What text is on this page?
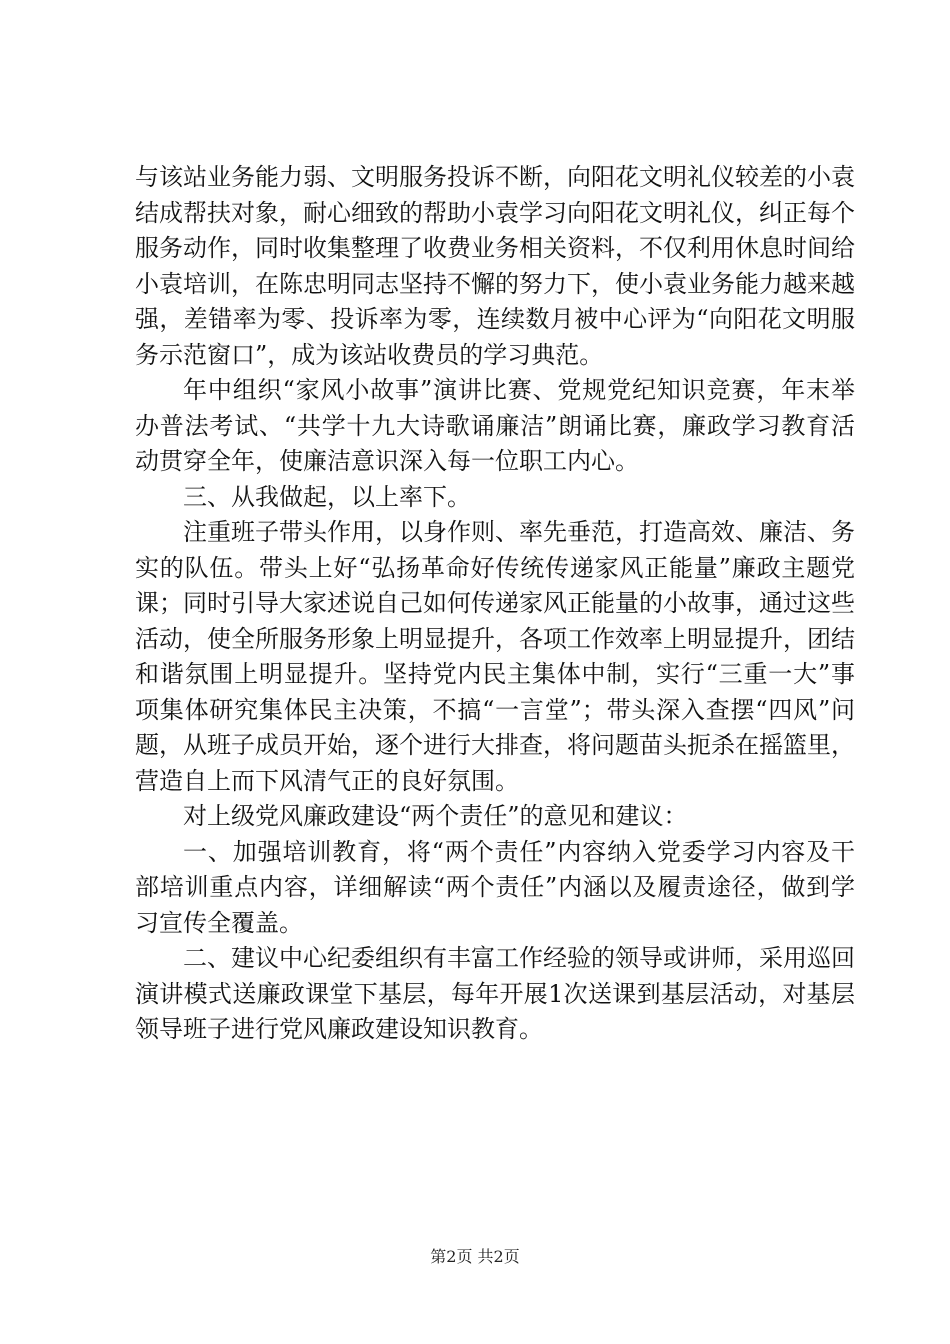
与该站业务能力弱、文明服务投诉不断，向阳花文明礼仪较差的小袁结成帮扶对象，耐心细致的帮助小袁学习向阳花文明礼仪，纠正每个服务动作，同时收集整理了收费业务相关资料，不仅利用休息时间给小袁培训，在陈忠明同志坚持不懈的努力下，使小袁业务能力越来越强，差错率为零、投诉率为零，连续数月被中心评为“向阳花文明服务示范窗口”，成为该站收费员的学习典范。

年中组织“家风小故事”演讲比赛、党规党纪知识竞赛，年末举办普法考试、“共学十九大诗歌诵廉洁”朗诵比赛，廉政学习教育活动贯穿全年，使廉洁意识深入每一位职工内心。

三、从我做起，以上率下。

注重班子带头作用，以身作则、率先垂范，打造高效、廉洁、务实的队伍。带头上好“弘扬革命好传统传递家风正能量”廉政主题党课；同时引导大家述说自己如何传递家风正能量的小故事，通过这些活动，使全所服务形象上明显提升，各项工作效率上明显提升，团结和谐氛围上明显提升。坚持党内民主集体中制，实行“三重一大”事项集体研究集体民主决策，不搞“一言堂”；带头深入查摆“四风”问题，从班子成员开始，逐个进行大排查，将问题苗头扼杀在摇篮里，营造自上而下风清气正的良好氛围。

对上级党风廉政建设“两个责任”的意见和建议：

一、加强培训教育，将“两个责任”内容纳入党委学习内容及干部培训重点内容，详细解读“两个责任”内涵以及履责途径，做到学习宣传全覆盖。

二、建议中心纪委组织有丰富工作经验的领导或讲师，采用巡回演讲模式送廉政课堂下基层，每年开展1次送课到基层活动，对基层领导班子进行党风廉政建设知识教育。

第2页 共2页
